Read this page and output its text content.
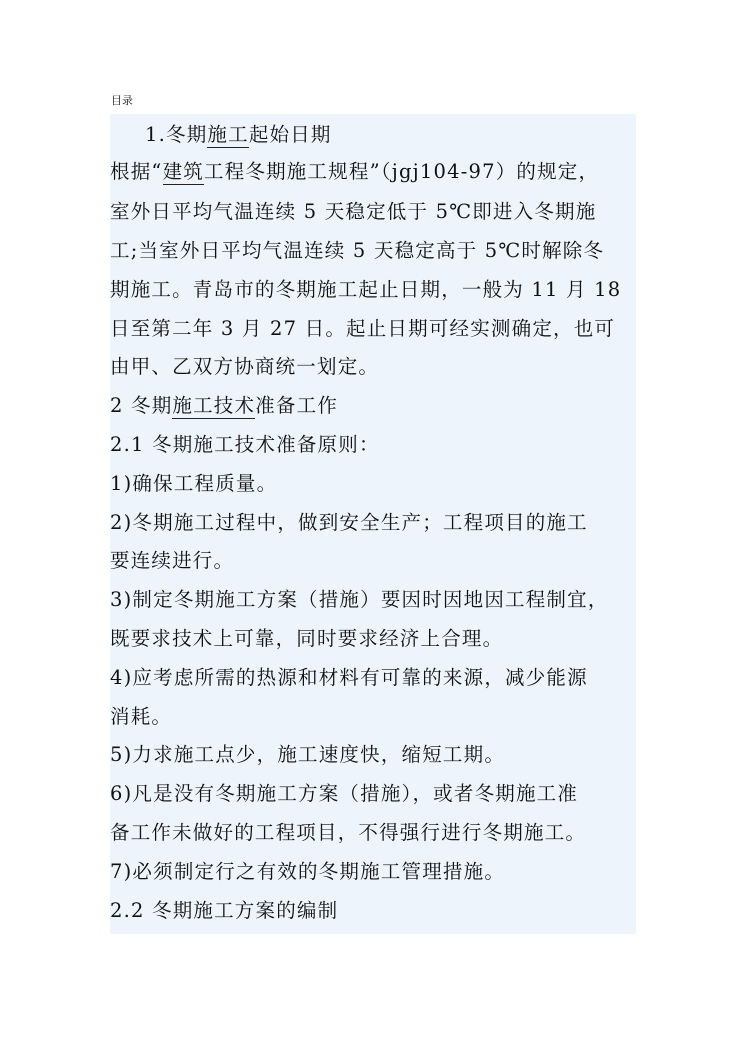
目录
1.冬期施工起始日期
根据“建筑工程冬期施工规程”（jgj104-97）的规定，
室外日平均气温连续 5 天稳定低于 5℃即进入冬期施
工;当室外日平均气温连续 5 天稳定高于 5℃时解除冬
期施工。青岛市的冬期施工起止日期，一般为 11 月 18
日至第二年 3 月 27 日。起止日期可经实测确定，也可
由甲、乙双方协商统一划定。
2 冬期施工技术准备工作
2.1 冬期施工技术准备原则：
1)确保工程质量。
2)冬期施工过程中，做到安全生产；工程项目的施工
要连续进行。
3)制定冬期施工方案（措施）要因时因地因工程制宜，
既要求技术上可靠，同时要求经济上合理。
4)应考虑所需的热源和材料有可靠的来源，减少能源
消耗。
5)力求施工点少，施工速度快，缩短工期。
6)凡是没有冬期施工方案（措施），或者冬期施工准
备工作未做好的工程项目，不得强行进行冬期施工。
7)必须制定行之有效的冬期施工管理措施。
2.2 冬期施工方案的编制
